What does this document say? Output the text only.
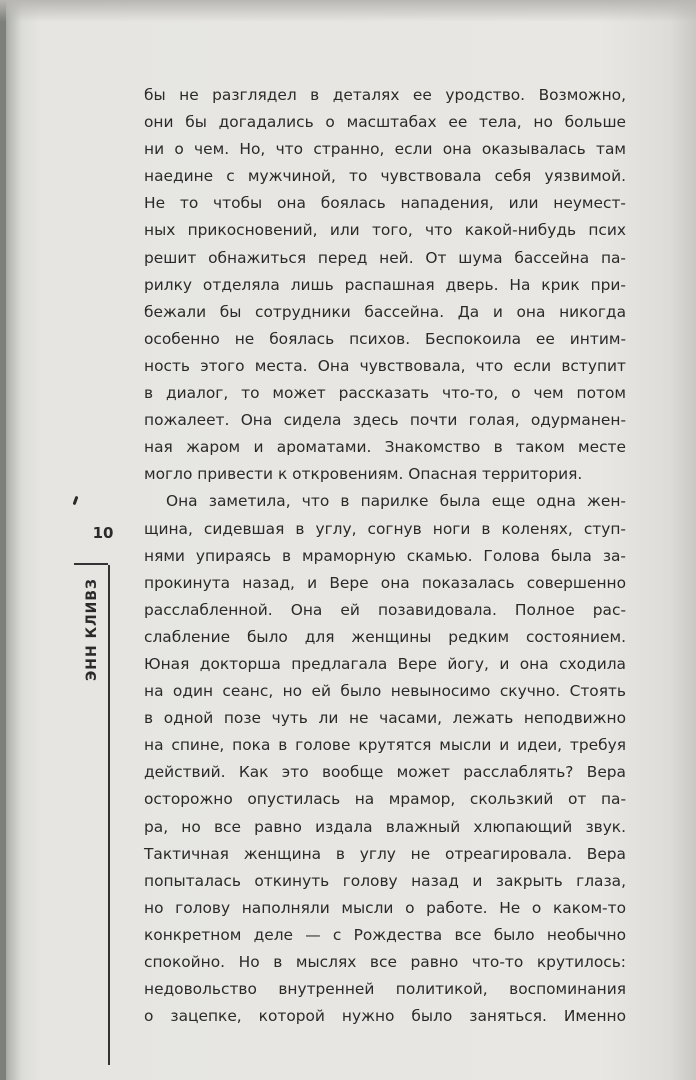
10
ЭНН КЛИВЗ
бы не разглядел в деталях ее уродство. Возможно,
они бы догадались о масштабах ее тела, но больше
ни о чем. Но, что странно, если она оказывалась там
наедине с мужчиной, то чувствовала себя уязвимой.
Не то чтобы она боялась нападения, или неумест-
ных прикосновений, или того, что какой-нибудь псих
решит обнажиться перед ней. От шума бассейна па-
рилку отделяла лишь распашная дверь. На крик при-
бежали бы сотрудники бассейна. Да и она никогда
особенно не боялась психов. Беспокоила ее интим-
ность этого места. Она чувствовала, что если вступит
в диалог, то может рассказать что-то, о чем потом
пожалеет. Она сидела здесь почти голая, одурманен-
ная жаром и ароматами. Знакомство в таком месте
могло привести к откровениям. Опасная территория.
Она заметила, что в парилке была еще одна жен-
щина, сидевшая в углу, согнув ноги в коленях, ступ-
нями упираясь в мраморную скамью. Голова была за-
прокинута назад, и Вере она показалась совершенно
расслабленной. Она ей позавидовала. Полное рас-
слабление было для женщины редким состоянием.
Юная докторша предлагала Вере йогу, и она сходила
на один сеанс, но ей было невыносимо скучно. Стоять
в одной позе чуть ли не часами, лежать неподвижно
на спине, пока в голове крутятся мысли и идеи, требуя
действий. Как это вообще может расслаблять? Вера
осторожно опустилась на мрамор, скользкий от па-
ра, но все равно издала влажный хлюпающий звук.
Тактичная женщина в углу не отреагировала. Вера
попыталась откинуть голову назад и закрыть глаза,
но голову наполняли мысли о работе. Не о каком-то
конкретном деле — с Рождества все было необычно
спокойно. Но в мыслях все равно что-то крутилось:
недовольство внутренней политикой, воспоминания
о зацепке, которой нужно было заняться. Именно
